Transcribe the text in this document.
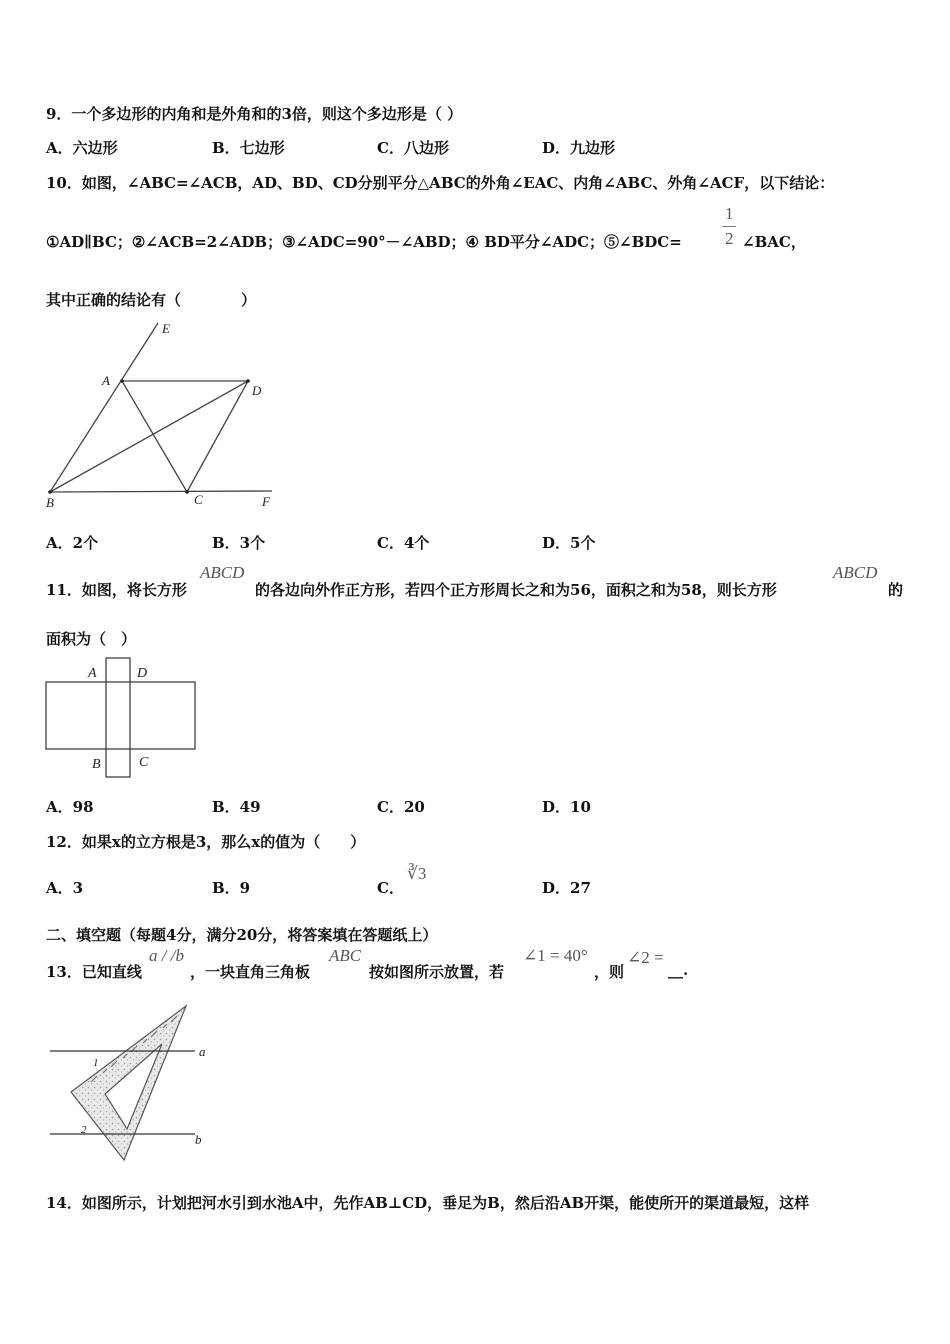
9．一个多边形的内角和是外角和的3倍，则这个多边形是（ ）
A．六边形	B．七边形	C．八边形	D．九边形
10．如图，∠ABC=∠ACB，AD、BD、CD分别平分△ABC的外角∠EAC、内角∠ABC、外角∠ACF，以下结论：
①AD∥BC；②∠ACB=2∠ADB；③∠ADC=90°－∠ABD；④ BD平分∠ADC；⑤∠BDC=
1
2 ∠BAC，
其中正确的结论有（　　　　）
E
A
D
B	C	F
A．2个	B．3个	C．4个	D．5个
11．如图，将长方形
ABCD
的各边向外作正方形，若四个正方形周长之和为56，面积之和为58，则长方形
ABCD
的
面积为（　）
A	D
B	C
A．98	B．49	C．20	D．10
12．如果x的立方根是3，那么x的值为（　　）
A．3	B．9	C．
∛3
D．27
二、填空题（每题4分，满分20分，将答案填在答题纸上）
13．已知直线
a / /b
，一块直角三角板
ABC
按如图所示放置，若
∠1 = 40°
，则
∠2 =
__.
a
b
1
2
14．如图所示，计划把河水引到水池A中，先作AB⊥CD，垂足为B，然后沿AB开渠，能使所开的渠道最短，这样
